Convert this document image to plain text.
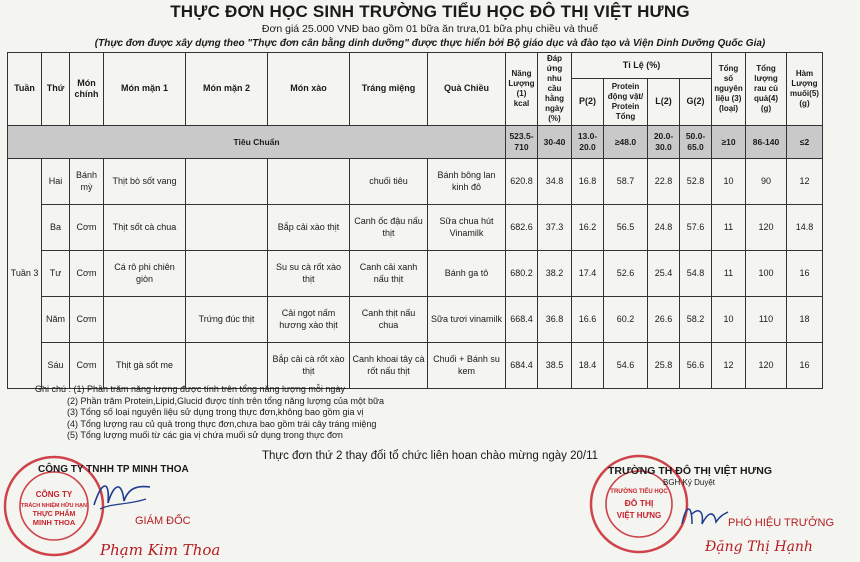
THỰC ĐƠN HỌC SINH TRƯỜNG TIỂU HỌC ĐÔ THỊ VIỆT HƯNG
Đơn giá 25.000 VNĐ bao gồm 01 bữa ăn trưa,01 bữa phụ chiều và thuế
(Thực đơn được xây dựng theo "Thực đơn cân bằng dinh dưỡng" được thực hiển bởi Bộ giáo dục và đào tạo và Viện Dinh Dưỡng Quốc Gia)
Tuần	Thứ	Món chính	Món mặn 1	Món mặn 2	Món xào	Tráng miệng	Quà Chiều	Năng Lượng (1) kcal	Đáp ứng nhu cầu hằng ngày (%)	Tỉ Lệ (%)				Tổng số nguyên liệu (3) (loại)	Tổng lượng rau củ quả(4) (g)	Hàm Lượng muối(5) (g)
										P(2)	Protein động vật/ Protein Tổng	L(2)	G(2)			
Tiêu Chuẩn								523.5-710	30-40	13.0-20.0	≥48.0	20.0-30.0	50.0-65.0	≥10	86-140	≤2
Tuần 3	Hai	Bánh mỳ	Thịt bò sốt vang			chuối tiêu	Bánh bông lan kinh đô	620.8	34.8	16.8	58.7	22.8	52.8	10	90	12
	Ba	Cơm	Thịt sốt cà chua		Bắp cải xào thịt	Canh ốc đậu nấu thịt	Sữa chua hút Vinamilk	682.6	37.3	16.2	56.5	24.8	57.6	11	120	14.8
	Tư	Cơm	Cá rô phi chiên giòn		Su su cà rốt xào thịt	Canh cải xanh nấu thịt	Bánh ga tô	680.2	38.2	17.4	52.6	25.4	54.8	11	100	16
	Năm	Cơm		Trứng đúc thịt	Cải ngọt nấm hương xào thịt	Canh thịt nấu chua	Sữa tươi vinamilk	668.4	36.8	16.6	60.2	26.6	58.2	10	110	18
	Sáu	Cơm	Thịt gà sốt me		Bắp cải cà rốt xào thịt	Canh khoai tây cà rốt nấu thịt	Chuối + Bánh su kem	684.4	38.5	18.4	54.6	25.8	56.6	12	120	16
Ghi chú : (1) Phần trăm năng lượng được tính trên tổng năng lượng mỗi ngày
(2) Phần trăm Protein,Lipid,Glucid được tính trên tổng năng lượng của một bữa
(3) Tổng số loại nguyên liệu sử dụng trong thực đơn,không bao gồm gia vị
(4) Tổng lượng rau củ quả trong thực đơn,chưa bao gồm trái cây tráng miệng
(5) Tổng lượng muối từ các gia vị chứa muối sử dụng trong thực đơn
Thực đơn thứ 2 thay đổi tổ chức liên hoan chào mừng ngày 20/11
CÔNG TY
TRÁCH NHIỆM HỮU HẠN
THỰC PHẨM
MINH THOA
CÔNG TY TNHH TP MINH THOA
GIÁM ĐỐC
Phạm Kim Thoa
TRƯỜNG TIỂU HỌC
ĐÔ THỊ
VIỆT HƯNG
TRƯỜNG TH ĐÔ THỊ VIỆT HƯNG
BGH Ký Duyệt
PHÓ HIỆU TRƯỞNG
Đặng Thị Hạnh
